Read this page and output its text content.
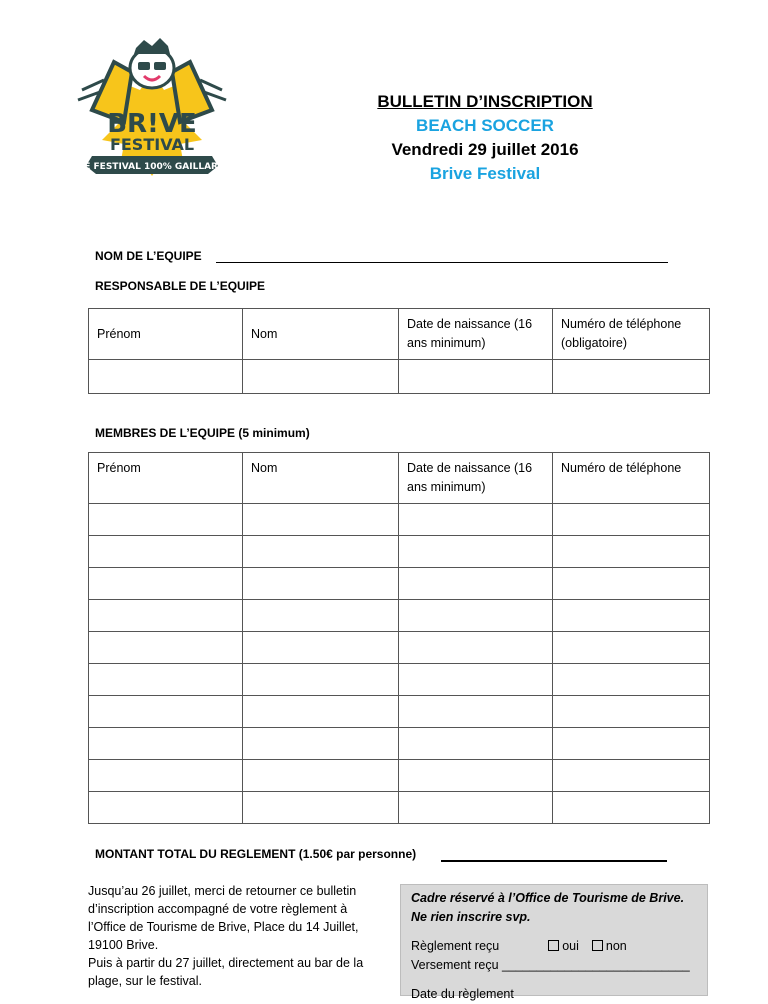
BR!VE
FESTIVAL
LE FESTIVAL 100% GAILLARD
BULLETIN D’INSCRIPTION
BEACH SOCCER
Vendredi 29 juillet 2016
Brive Festival
NOM DE L’EQUIPE
RESPONSABLE DE L’EQUIPE
Prénom	Nom	Date de naissance (16 ans minimum)	Numéro de téléphone (obligatoire)

MEMBRES DE L’EQUIPE (5 minimum)
Prénom	Nom	Date de naissance (16 ans minimum)	Numéro de téléphone

MONTANT TOTAL DU REGLEMENT (1.50€ par personne)
Jusqu’au 26 juillet, merci de retourner ce bulletin d’inscription accompagné de votre règlement à l’Office de Tourisme de Brive, Place du 14 Juillet, 19100 Brive.
Puis à partir du 27 juillet, directement au bar de la plage, sur le festival.
Cadre réservé à l’Office de Tourisme de Brive.
Ne rien inscrire svp.
Règlement reçu	oui non
Versement reçu ___________________________
Date du règlement
